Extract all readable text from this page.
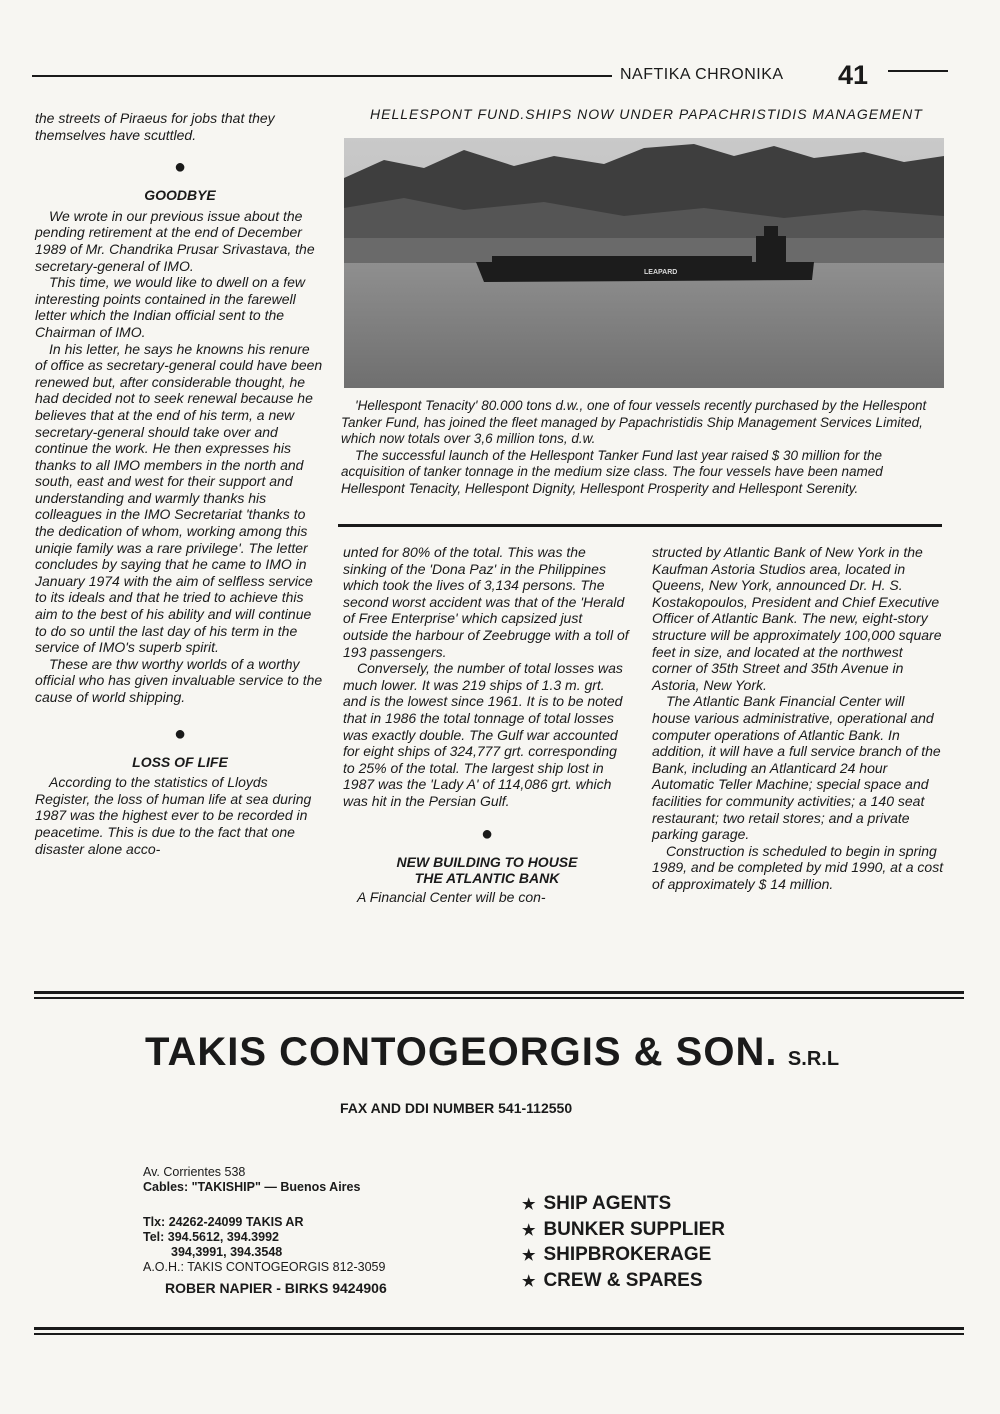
NAFTIKA CHRONIKA 41

the streets of Piraeus for jobs that they themselves have scuttled.

●
GOODBYE

We wrote in our previous issue about the pending retirement at the end of December 1989 of Mr. Chandrika Prusar Srivastava, the secretary-general of IMO.

This time, we would like to dwell on a few interesting points contained in the farewell letter which the Indian official sent to the Chairman of IMO.

In his letter, he says he knowns his renure of office as secretary-general could have been renewed but, after considerable thought, he had decided not to seek renewal because he believes that at the end of his term, a new secretary-general should take over and continue the work. He then expresses his thanks to all IMO members in the north and south, east and west for their support and understanding and warmly thanks his colleagues in the IMO Secretariat 'thanks to the dedication of whom, working among this uniqie family was a rare privilege'. The letter concludes by saying that he came to IMO in January 1974 with the aim of selfless service to its ideals and that he tried to achieve this aim to the best of his ability and will continue to do so until the last day of his term in the service of IMO's superb spirit.

These are thw worthy worlds of a worthy official who has given invaluable service to the cause of world shipping.

●
LOSS OF LIFE

According to the statistics of Lloyds Register, the loss of human life at sea during 1987 was the highest ever to be recorded in peacetime. This is due to the fact that one disaster alone acco-

HELLESPONT FUND.SHIPS NOW UNDER PAPACHRISTIDIS MANAGEMENT
LEAPARD

'Hellespont Tenacity' 80.000 tons d.w., one of four vessels recently purchased by the Hellespont Tanker Fund, has joined the fleet managed by Papachristidis Ship Management Services Limited, which now totals over 3,6 million tons, d.w.

The successful launch of the Hellespont Tanker Fund last year raised $ 30 million for the acquisition of tanker tonnage in the medium size class. The four vessels have been named Hellespont Tenacity, Hellespont Dignity, Hellespont Prosperity and Hellespont Serenity.

unted for 80% of the total. This was the sinking of the 'Dona Paz' in the Philippines which took the lives of 3,134 persons. The second worst accident was that of the 'Herald of Free Enterprise' which capsized just outside the harbour of Zeebrugge with a toll of 193 passengers.

Conversely, the number of total losses was much lower. It was 219 ships of 1.3 m. grt. and is the lowest since 1961. It is to be noted that in 1986 the total tonnage of total losses was exactly double. The Gulf war accounted for eight ships of 324,777 grt. corresponding to 25% of the total. The largest ship lost in 1987 was the 'Lady A' of 114,086 grt. which was hit in the Persian Gulf.

●
NEW BUILDING TO HOUSE
THE ATLANTIC BANK

A Financial Center will be con-

structed by Atlantic Bank of New York in the Kaufman Astoria Studios area, located in Queens, New York, announced Dr. H. S. Kostakopoulos, President and Chief Executive Officer of Atlantic Bank. The new, eight-story structure will be approximately 100,000 square feet in size, and located at the northwest corner of 35th Street and 35th Avenue in Astoria, New York.

The Atlantic Bank Financial Center will house various administrative, operational and computer operations of Atlantic Bank. In addition, it will have a full service branch of the Bank, including an Atlanticard 24 hour Automatic Teller Machine; special space and facilities for community activities; a 140 seat restaurant; two retail stores; and a private parking garage.

Construction is scheduled to begin in spring 1989, and be completed by mid 1990, at a cost of approximately $ 14 million.

TAKIS CONTOGEORGIS & SON. S.R.L
FAX AND DDI NUMBER 541-112550
Av. Corrientes 538
Cables: "TAKISHIP" — Buenos Aires
Tlx: 24262-24099 TAKIS AR
Tel: 394.5612, 394.3992
394,3991, 394.3548
A.O.H.: TAKIS CONTOGEORGIS 812-3059
ROBER NAPIER - BIRKS 9424906
★ SHIP AGENTS
★ BUNKER SUPPLIER
★ SHIPBROKERAGE
★ CREW & SPARES
